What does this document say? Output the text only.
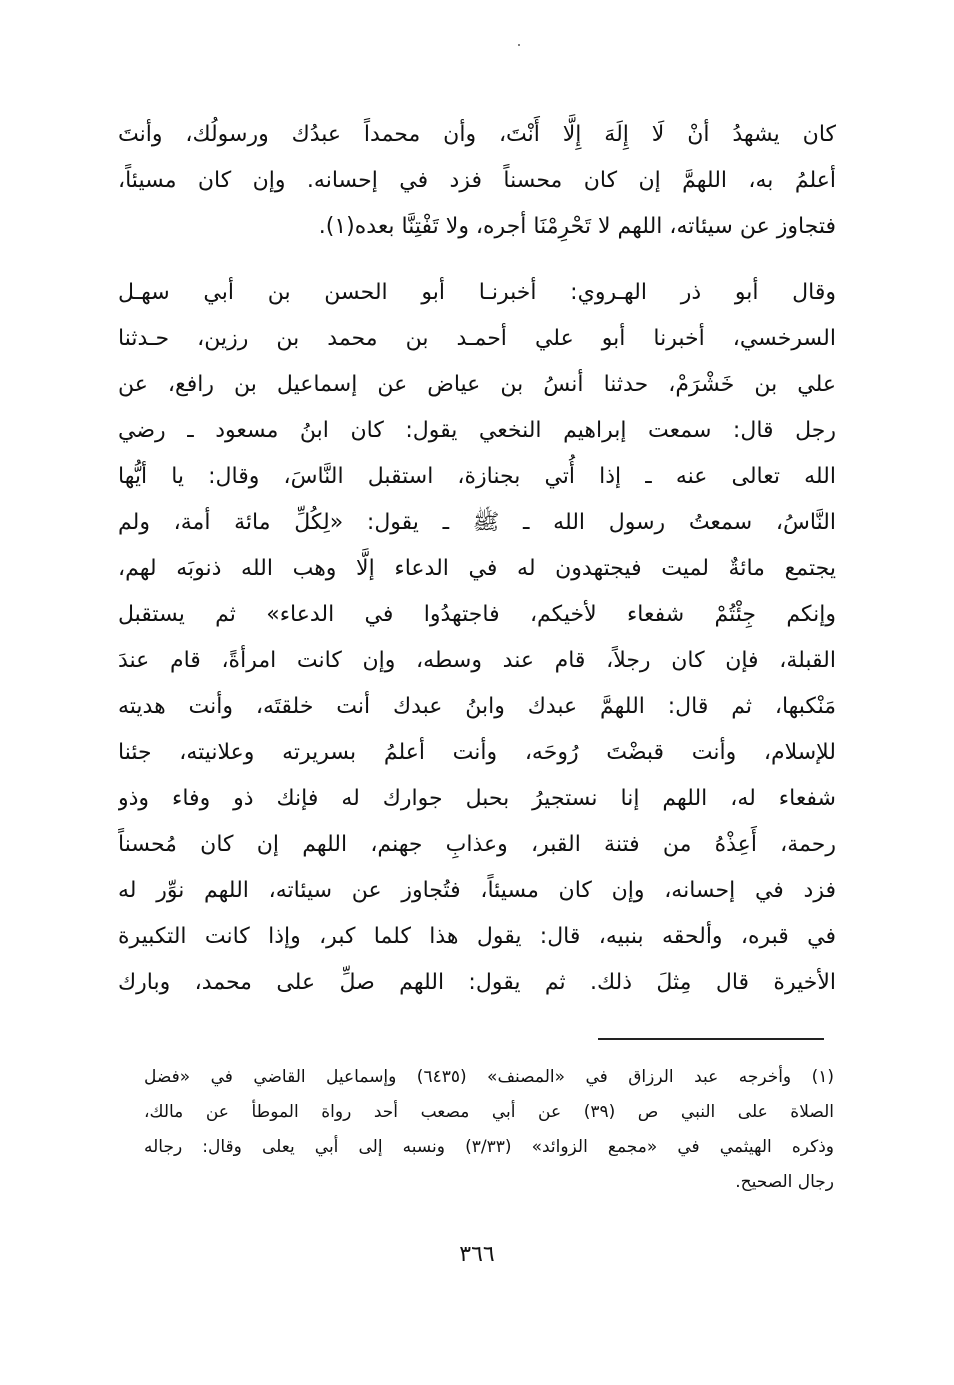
كان يشهدُ أنْ لَا إِلَهَ إِلَّا أَنْتَ، وأن محمداً عبدُك ورسولُك، وأنتَ
أعلمُ به، اللهمَّ إن كان محسناً فزد في إحسانه. وإن كان مسيئاً،
فتجاوز عن سيئاته، اللهم لا تَحْرِمْنَا أجره، ولا تَفْتِنَّا بعده(١).
وقال أبو ذر الهـروي: أخبرنـا أبو الحسن بن أبي سهـل
السرخسي، أخبرنا أبو علي أحمـد بن محمد بن رزين، حـدثنا
علي بن خَشْرَمْ، حدثنا أنسُ بن عياض عن إسماعيل بن رافع، عن
رجل قال: سمعت إبراهيم النخعي يقول: كان ابنُ مسعود ـ رضي
الله تعالى عنه ـ إذا أُتي بجنازة، استقبل النَّاسَ، وقال: يا أيُّها
النَّاسُ، سمعتُ رسول الله ـ ﷺ ـ يقول: «لِكُلِّ مائة أمة، ولم
يجتمع مائةٌ لميت فيجتهدون له في الدعاء إلَّا وهب الله ذنوبَه لهم،
وإنكم جِئْتُمْ شفعاء لأخيكم، فاجتهدُوا في الدعاء» ثم يستقبل
القبلة، فإن كان رجلاً، قام عند وسطه، وإن كانت امرأةً، قام عندَ
مَنْكبها، ثم قال: اللهمَّ عبدك وابنُ عبدك أنت خلقتَه، وأنت هديته
للإسلام، وأنت قبضْتَ رُوحَه، وأنت أعلمُ بسريرته وعلانيته، جئنا
شفعاء له، اللهم إنا نستجيرُ بحبل جوارك له فإنك ذو وفاء وذو
رحمة، أَعِذْهُ من فتنة القبر، وعذابِ جهنم، اللهم إن كان مُحسناً
فزد في إحسانه، وإن كان مسيئاً، فتُجاوز عن سيئاته، اللهم نوِّر له
في قبره، وألحقه بنبيه، قال: يقول هذا كلما كبر، وإذا كانت التكبيرة
الأخيرة قال مِثلَ ذلك. ثم يقول: اللهم صلِّ على محمد، وبارك
(١) وأخرجه عبد الرزاق في «المصنف» (٦٤٣٥) وإسماعيل القاضي في «فضل
الصلاة على النبي ص (٣٩) عن أبي مصعب أحد رواة الموطأ عن مالك،
وذكره الهيثمي في «مجمع الزوائد» (٣/٣٣) ونسبه إلى أبي يعلى وقال: رجاله
رجال الصحيح.
٣٦٦
